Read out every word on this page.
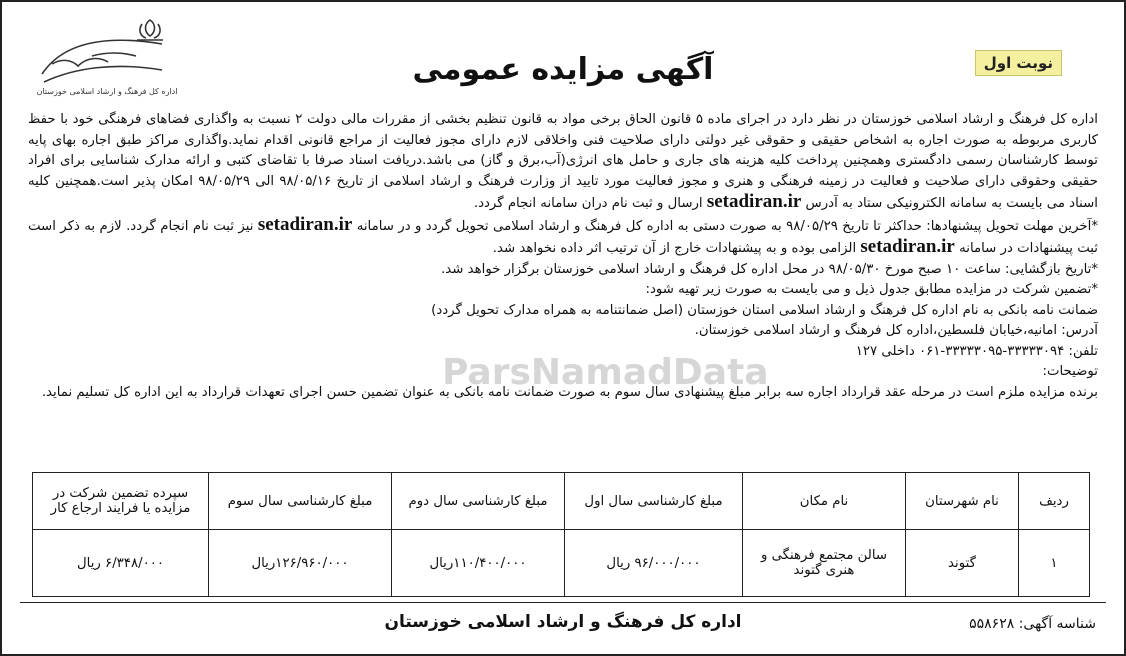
نوبت اول
آگهی مزایده عمومی
اداره کل فرهنگ و ارشاد اسلامی خوزستان
ParsNamadData

اداره کل فرهنگ و ارشاد اسلامی خوزستان در نظر دارد در اجرای ماده ۵ قانون الحاق برخی مواد به قانون تنظیم بخشی از مقررات مالی دولت ۲ نسبت به واگذاری فضاهای فرهنگی خود با حفظ کاربری مربوطه به صورت اجاره به اشخاص حقیقی و حقوقی غیر دولتی دارای صلاحیت فنی واخلاقی لازم دارای مجوز فعالیت از مراجع قانونی اقدام نماید.واگذاری مراکز طبق اجاره بهای پایه توسط کارشناسان رسمی دادگستری وهمچنین پرداخت کلیه هزینه های جاری و حامل های انرژی(آب،برق و گاز) می باشد.دریافت اسناد صرفا با تقاضای کتبی و ارائه مدارک شناسایی برای افراد حقیقی وحقوقی دارای صلاحیت و فعالیت در زمینه فرهنگی و هنری و مجوز فعالیت مورد تایید از وزارت فرهنگ و ارشاد اسلامی از تاریخ ۹۸/۰۵/۱۶ الی ۹۸/۰۵/۲۹ امکان پذیر است.همچنین کلیه اسناد می بایست به سامانه الکترونیکی ستاد به آدرس setadiran.ir ارسال و ثبت نام دران سامانه انجام گردد.

*آخرین مهلت تحویل پیشنهادها: حداکثر تا تاریخ ۹۸/۰۵/۲۹ به صورت دستی به اداره کل فرهنگ و ارشاد اسلامی تحویل گردد و در سامانه setadiran.ir نیز ثبت نام انجام گردد. لازم به ذکر است ثبت پیشنهادات در سامانه setadiran.ir الزامی بوده و به پیشنهادات خارج از آن ترتیب اثر داده نخواهد شد.

*تاریخ بازگشایی: ساعت ۱۰ صبح مورخ ۹۸/۰۵/۳۰ در محل اداره کل فرهنگ و ارشاد اسلامی خوزستان برگزار خواهد شد.

*تضمین شرکت در مزایده مطابق جدول ذیل و می بایست به صورت زیر تهیه شود:

ضمانت نامه بانکی به نام اداره کل فرهنگ و ارشاد اسلامی استان خوزستان (اصل ضمانتنامه به همراه مدارک تحویل گردد)

آدرس: امانیه،خیابان فلسطین،اداره کل فرهنگ و ارشاد اسلامی خوزستان.

تلفن: ۳۳۳۳۳۰۹۴-۳۳۳۳۳۰۹۵-۰۶۱ داخلی ۱۲۷

توضیحات:

برنده مزایده ملزم است در مرحله عقد قرارداد اجاره سه برابر مبلغ پیشنهادی سال سوم به صورت ضمانت نامه بانکی به عنوان تضمین حسن اجرای تعهدات قرارداد به این اداره کل تسلیم نماید.

ردیف	نام شهرستان	نام مکان	مبلغ کارشناسی سال اول	مبلغ کارشناسی سال دوم	مبلغ کارشناسی سال سوم	سپرده تضمین شرکت در مزایده یا فرایند ارجاع کار
۱	گتوند	سالن مجتمع فرهنگی و هنری گتوند	۹۶/۰۰۰/۰۰۰ ریال	۱۱۰/۴۰۰/۰۰۰ریال	۱۲۶/۹۶۰/۰۰۰ریال	۶/۳۴۸/۰۰۰ ریال
اداره کل فرهنگ و ارشاد اسلامی خوزستان	شناسه آگهی: ۵۵۸۶۲۸
